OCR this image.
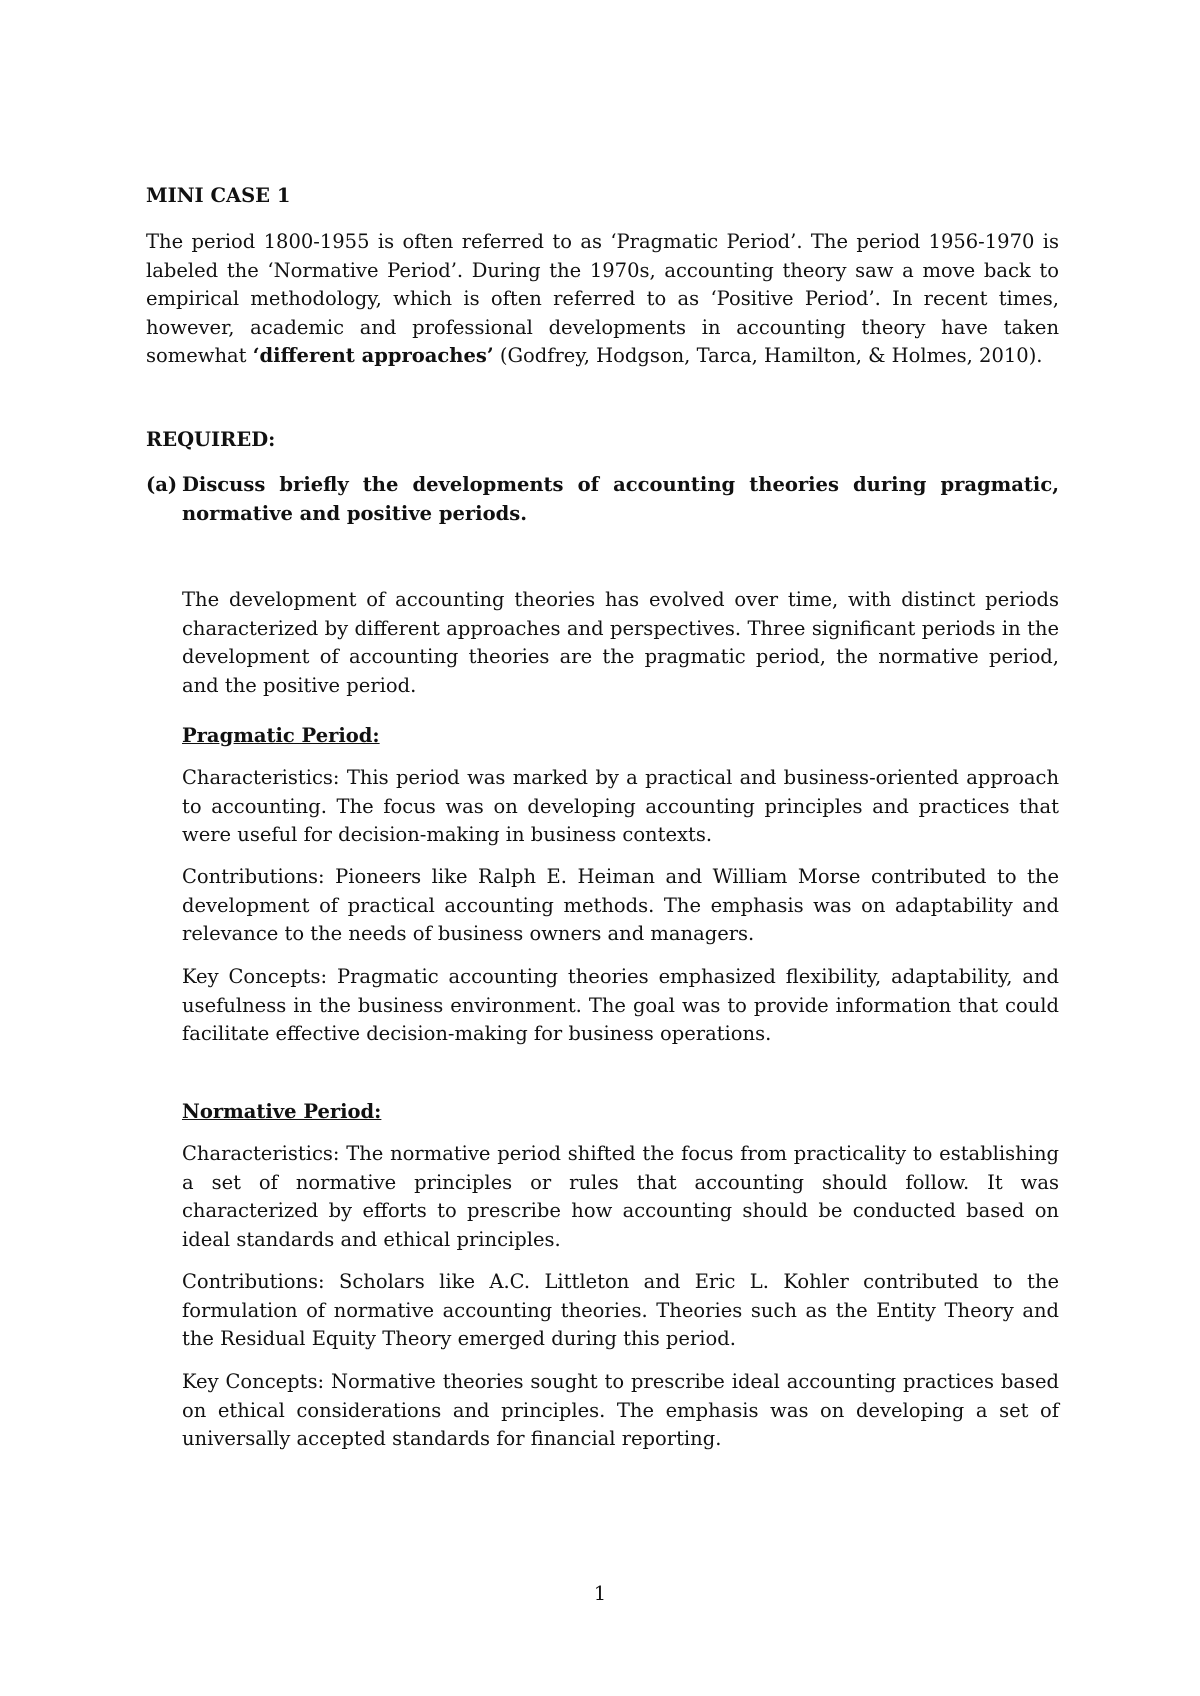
MINI CASE 1

The period 1800-1955 is often referred to as ‘Pragmatic Period’. The period 1956-1970 is labeled the ‘Normative Period’. During the 1970s, accounting theory saw a move back to empirical methodology, which is often referred to as ‘Positive Period’. In recent times, however, academic and professional developments in accounting theory have taken somewhat ‘different approaches’ (Godfrey, Hodgson, Tarca, Hamilton, & Holmes, 2010).

REQUIRED:
(a) Discuss briefly the developments of accounting theories during pragmatic, normative and positive periods.

The development of accounting theories has evolved over time, with distinct periods characterized by different approaches and perspectives. Three significant periods in the development of accounting theories are the pragmatic period, the normative period, and the positive period.

Pragmatic Period:

Characteristics: This period was marked by a practical and business-oriented approach to accounting. The focus was on developing accounting principles and practices that were useful for decision-making in business contexts.

Contributions: Pioneers like Ralph E. Heiman and William Morse contributed to the development of practical accounting methods. The emphasis was on adaptability and relevance to the needs of business owners and managers.

Key Concepts: Pragmatic accounting theories emphasized flexibility, adaptability, and usefulness in the business environment. The goal was to provide information that could facilitate effective decision-making for business operations.

Normative Period:

Characteristics: The normative period shifted the focus from practicality to establishing a set of normative principles or rules that accounting should follow. It was characterized by efforts to prescribe how accounting should be conducted based on ideal standards and ethical principles.

Contributions: Scholars like A.C. Littleton and Eric L. Kohler contributed to the formulation of normative accounting theories. Theories such as the Entity Theory and the Residual Equity Theory emerged during this period.

Key Concepts: Normative theories sought to prescribe ideal accounting practices based on ethical considerations and principles. The emphasis was on developing a set of universally accepted standards for financial reporting.

1
